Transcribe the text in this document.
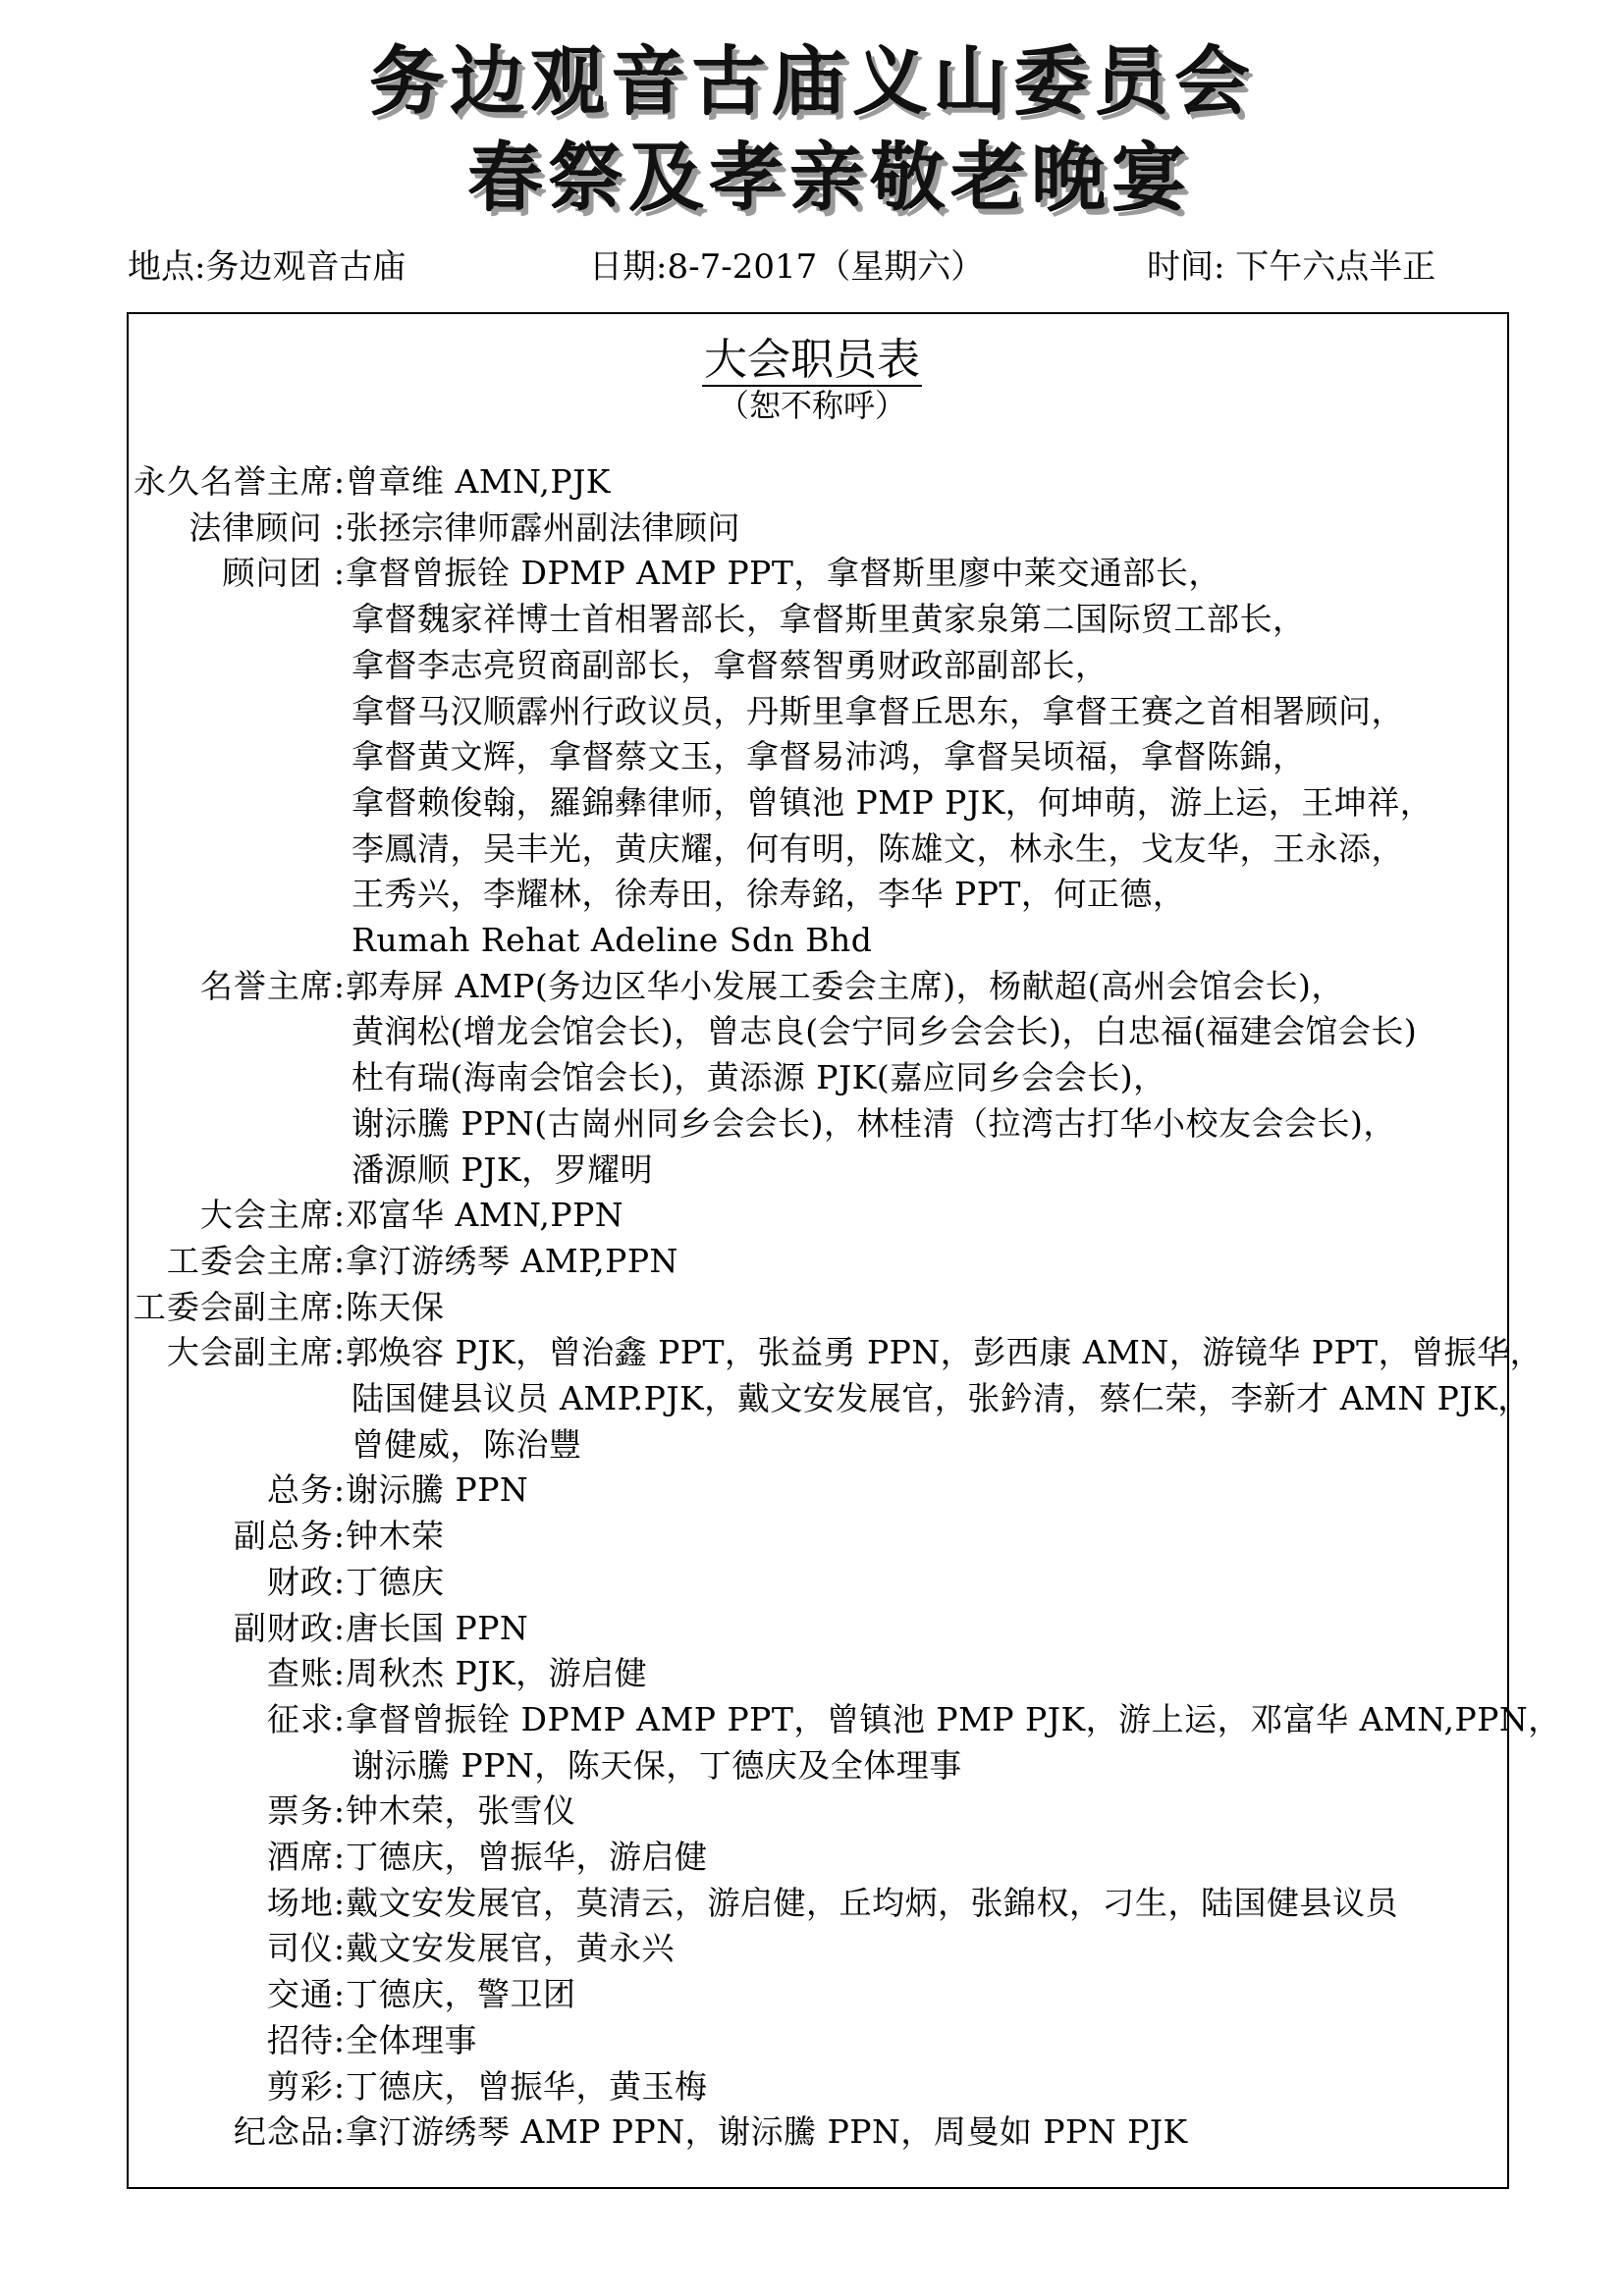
务边观音古庙义山委员会
春祭及孝亲敬老晚宴
地点:务边观音古庙	日期:8-7-2017（星期六）	时间: 下午六点半正
大会职员表
（恕不称呼）
永久名誉主席:曾章维 AMN,PJK
法律顾问 :张拯宗律师霹州副法律顾问
顾问团 :拿督曾振铨 DPMP AMP PPT，拿督斯里廖中莱交通部长，
拿督魏家祥博士首相署部长，拿督斯里黄家泉第二国际贸工部长，
拿督李志亮贸商副部长，拿督蔡智勇财政部副部长，
拿督马汉顺霹州行政议员，丹斯里拿督丘思东，拿督王赛之首相署顾问，
拿督黄文辉，拿督蔡文玉，拿督易沛鸿，拿督吴顷福，拿督陈錦，
拿督赖俊翰，羅錦彝律师，曾镇池 PMP PJK，何坤萌，游上运，王坤祥，
李鳳清，吴丰光，黄庆耀，何有明，陈雄文，林永生，戈友华，王永添，
王秀兴，李耀林，徐寿田，徐寿銘，李华 PPT，何正德，
Rumah Rehat Adeline Sdn Bhd
名誉主席:郭寿屏 AMP(务边区华小发展工委会主席)，杨献超(高州会馆会长)，
黄润松(增龙会馆会长)，曾志良(会宁同乡会会长)，白忠福(福建会馆会长)
杜有瑞(海南会馆会长)，黄添源 PJK(嘉应同乡会会长)，
谢沶騰 PPN(古崗州同乡会会长)，林桂清（拉湾古打华小校友会会长)，
潘源顺 PJK，罗耀明
大会主席:邓富华 AMN,PPN
工委会主席:拿汀游绣琴 AMP,PPN
工委会副主席:陈天保
大会副主席:郭焕容 PJK，曾治鑫 PPT，张益勇 PPN，彭西康 AMN，游镜华 PPT，曾振华，
陆国健县议员 AMP.PJK，戴文安发展官，张鈐清，蔡仁荣，李新才 AMN PJK，
曾健威，陈治豐
总务:谢沶騰 PPN
副总务:钟木荣
财政:丁德庆
副财政:唐长国 PPN
查账:周秋杰 PJK，游启健
征求:拿督曾振铨 DPMP AMP PPT，曾镇池 PMP PJK，游上运，邓富华 AMN,PPN，
谢沶騰 PPN，陈天保，丁德庆及全体理事
票务:钟木荣，张雪仪
酒席:丁德庆，曾振华，游启健
场地:戴文安发展官，莫清云，游启健，丘均炳，张錦权，刁生，陆国健县议员
司仪:戴文安发展官，黄永兴
交通:丁德庆，警卫团
招待:全体理事
剪彩:丁德庆，曾振华，黄玉梅
纪念品:拿汀游绣琴 AMP PPN，谢沶騰 PPN，周曼如 PPN PJK
